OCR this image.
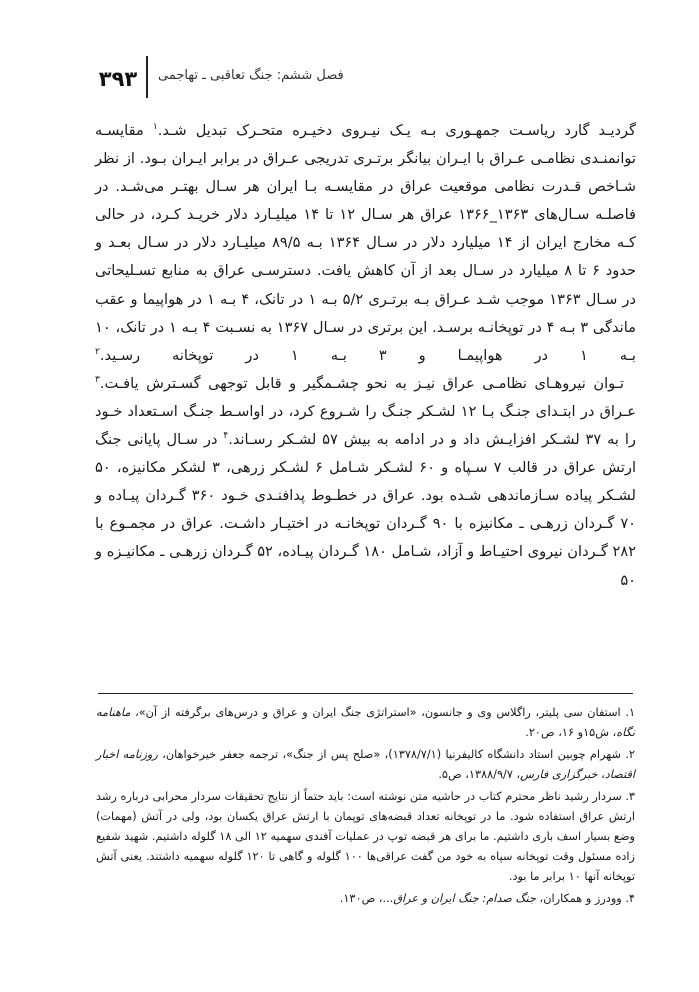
۳۹۳ فصل ششم: جنگ تعاقبی ـ تهاجمی

گردیـد گارد ریاسـت جمهـوری بـه یـک نیـروی دخیـره متحـرک تبدیل شـد.$^۱$ مقایسـه توانمنـدی نظامـی عـراق با ایـران بیانگر برتـری تدریجی عـراق در برابر ایـران بـود. از نظر شـاخص قـدرت نظامی موقعیت عراق در مقایسـه بـا ایران هر سـال بهتـر می‌شـد. در فاصلـه سـال‌های ۱۳۶۳_۱۳۶۶ عراق هر سـال ۱۲ تا ۱۴ میلیـارد دلار خریـد کـرد، در حالی کـه مخارج ایران از ۱۴ میلیارد دلار در سـال ۱۳۶۴ بـه ۸۹/۵ میلیـارد دلار در سـال بعـد و حدود ۶ تا ۸ میلیارد در سـال بعد از آن کاهش یافت. دسترسـی عراق به منابع تسـلیحاتی در سـال ۱۳۶۳ موجب شـد عـراق بـه برتـری ۵/۲ بـه ۱ در تانک، ۴ بـه ۱ در هواپیما و عقب ماندگی ۳ بـه ۴ در توپخانـه برسـد. این برتری در سـال ۱۳۶۷ به نسـبت ۴ بـه ۱ در تانک، ۱۰ بـه ۱ در هواپیمـا و ۳ بـه ۱ در توپخانه رسـید.$^۲$

تـوان نیروهـای نظامـی عراق نیـز به نحو چشـمگیر و قابل توجهی گسـترش یافـت.$^۳$ عـراق در ابتـدای جنـگ بـا ۱۲ لشـکر جنـگ را شـروع کرد، در اواسـط جنـگ اسـتعداد خـود را به ۳۷ لشـکر افزایـش داد و در ادامه به بیش ۵۷ لشـکر رسـاند.$^۴$ در سـال پایانی جنگ ارتش عراق در قالب ۷ سـپاه و ۶۰ لشـکر شـامل ۶ لشـکر زرهی، ۳ لشکر مکانیزه، ۵۰ لشـکر پیاده سـازماندهی شـده بود. عراق در خطـوط پدافنـدی خـود ۳۶۰ گـردان پیـاده و ۷۰ گـردان زرهـی ـ مکانیزه با ۹۰ گـردان توپخانـه در اختیـار داشـت. عراق در مجمـوع با ۲۸۲ گـردان نیروی احتیـاط و آزاد، شـامل ۱۸۰ گـردان پیـاده، ۵۲ گـردان زرهـی ـ مکانیـزه و ۵۰

۱. استفان سی پلیتر، راگلاس وی و جانسون، «استراتژی جنگ ایران و عراق و درس‌های برگرفته از آن»، ماهنامه نگاه، ش۱۵و ۱۶، ص۲۰.

۲. شهرام چوبین استاد دانشگاه کالیفرنیا (۱۳۷۸/۷/۱)، «صلح پس از جنگ»، ترجمه جعفر خیرخواهان، روزنامه اخبار اقتصاد، خبرگزاری فارس، ۱۳۸۸/۹/۷، ص۵.

۳. سردار رشید ناظر محترم کتاب در حاشیه متن نوشته است: باید حتماً از نتایج تحقیقات سردار محرابی درباره رشد ارتش عراق استفاده شود. ما در توپخانه تعداد قبضه‌های توپمان با ارتش عراق یکسان بود، ولی در آتش (مهمات) وضع بسیار اسف باری داشتیم. ما برای هر قبضه توپ در عملیات آفندی سهمیه ۱۲ الی ۱۸ گلوله داشتیم. شهید شفیع زاده مسئول وقت توپخانه سپاه به خود من گفت عراقی‌ها ۱۰۰ گلوله و گاهی تا ۱۲۰ گلوله سهمیه داشتند. یعنی آتش توپخانه آنها ۱۰ برابر ما بود.

۴. وودرز و همکاران، جنگ صدام: جنگ ایران و عراق...، ص۱۳۰.
